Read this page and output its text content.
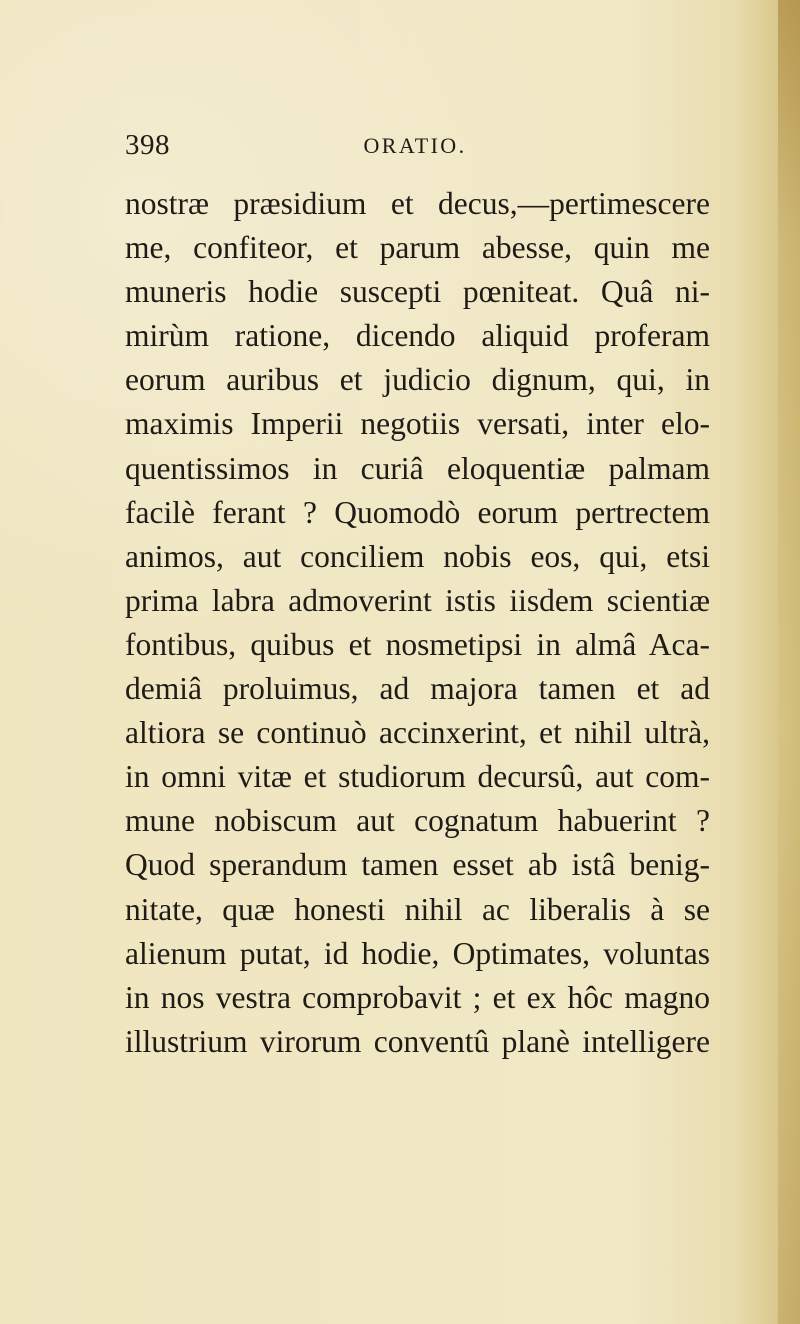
398	ORATIO.
nostræ præsidium et decus,—pertimescere
me, confiteor, et parum abesse, quin me
muneris hodie suscepti pœniteat. Quâ ni-
mirùm ratione, dicendo aliquid proferam
eorum auribus et judicio dignum, qui, in
maximis Imperii negotiis versati, inter elo-
quentissimos in curiâ eloquentiæ palmam
facilè ferant ? Quomodò eorum pertrectem
animos, aut conciliem nobis eos, qui, etsi
prima labra admoverint istis iisdem scientiæ
fontibus, quibus et nosmetipsi in almâ Aca-
demiâ proluimus, ad majora tamen et ad
altiora se continuò accinxerint, et nihil ultrà,
in omni vitæ et studiorum decursû, aut com-
mune nobiscum aut cognatum habuerint ?
Quod sperandum tamen esset ab istâ benig-
nitate, quæ honesti nihil ac liberalis à se
alienum putat, id hodie, Optimates, voluntas
in nos vestra comprobavit ; et ex hôc magno
illustrium virorum conventû planè intelligere
